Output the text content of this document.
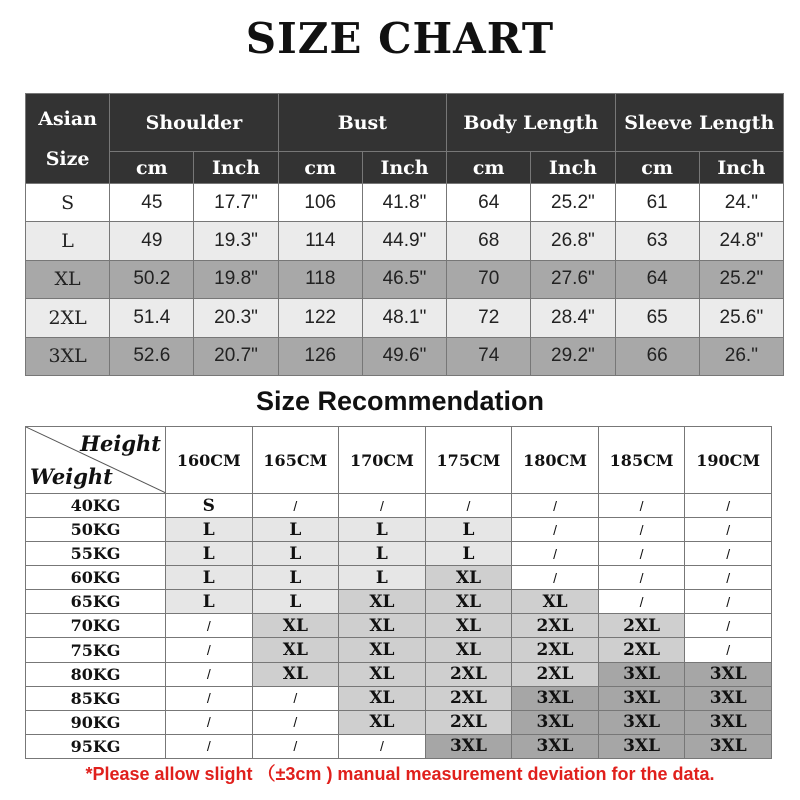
SIZE CHART
Asian
Size	Shoulder		Bust		Body Length		Sleeve Length	
	cm	Inch	cm	Inch	cm	Inch	cm	Inch
S	45	17.7"	106	41.8"	64	25.2"	61	24."
L	49	19.3"	114	44.9"	68	26.8"	63	24.8"
XL	50.2	19.8"	118	46.5"	70	27.6"	64	25.2"
2XL	51.4	20.3"	122	48.1"	72	28.4"	65	25.6"
3XL	52.6	20.7"	126	49.6"	74	29.2"	66	26."
Size Recommendation
Height
Weight	160CM	165CM	170CM	175CM	180CM	185CM	190CM
40KG	S	/	/	/	/	/	/
50KG	L	L	L	L	/	/	/
55KG	L	L	L	L	/	/	/
60KG	L	L	L	XL	/	/	/
65KG	L	L	XL	XL	XL	/	/
70KG	/	XL	XL	XL	2XL	2XL	/
75KG	/	XL	XL	XL	2XL	2XL	/
80KG	/	XL	XL	2XL	2XL	3XL	3XL
85KG	/	/	XL	2XL	3XL	3XL	3XL
90KG	/	/	XL	2XL	3XL	3XL	3XL
95KG	/	/	/	3XL	3XL	3XL	3XL
*Please allow slight （±3cm ) manual measurement deviation for the data.
